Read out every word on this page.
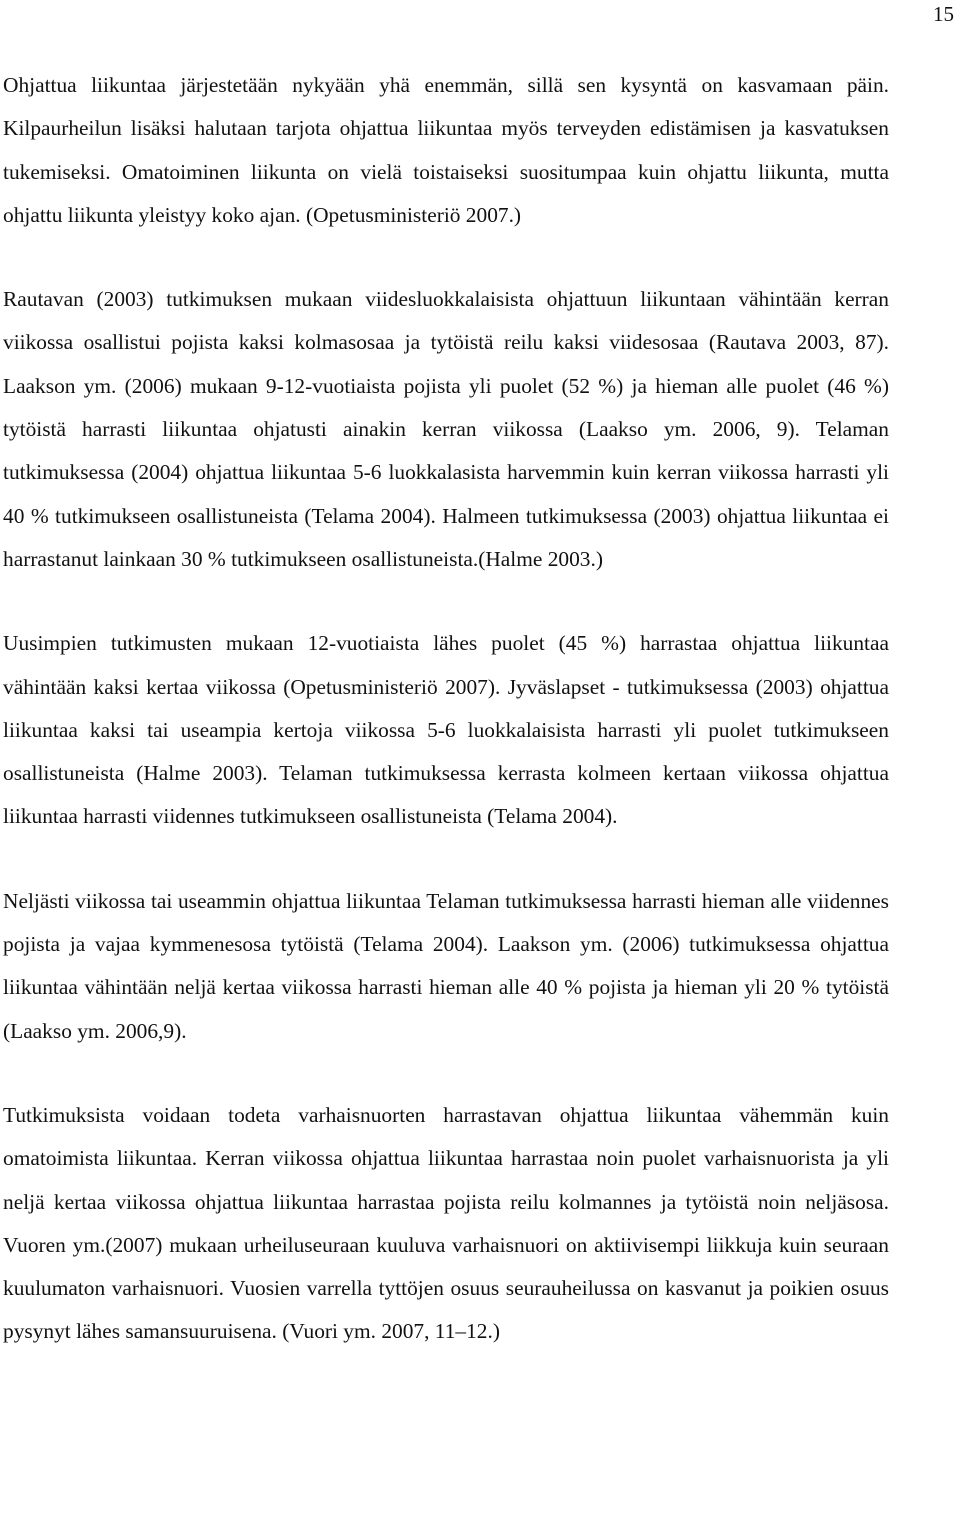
15

Ohjattua liikuntaa järjestetään nykyään yhä enemmän, sillä sen kysyntä on kasvamaan päin. Kilpaurheilun lisäksi halutaan tarjota ohjattua liikuntaa myös terveyden edistämisen ja kasvatuksen tukemiseksi. Omatoiminen liikunta on vielä toistaiseksi suositumpaa kuin ohjattu liikunta, mutta ohjattu liikunta yleistyy koko ajan. (Opetusministeriö 2007.)

Rautavan (2003) tutkimuksen mukaan viidesluokkalaisista ohjattuun liikuntaan vähintään kerran viikossa osallistui pojista kaksi kolmasosaa ja tytöistä reilu kaksi viidesosaa (Rautava 2003, 87). Laakson ym. (2006) mukaan 9-12-vuotiaista pojista yli puolet (52 %) ja hieman alle puolet (46 %) tytöistä harrasti liikuntaa ohjatusti ainakin kerran viikossa (Laakso ym. 2006, 9). Telaman tutkimuksessa (2004) ohjattua liikuntaa 5-6 luokkalasista harvemmin kuin kerran viikossa harrasti yli 40 % tutkimukseen osallistuneista (Telama 2004). Halmeen tutkimuksessa (2003) ohjattua liikuntaa ei harrastanut lainkaan 30 % tutkimukseen osallistuneista.(Halme 2003.)

Uusimpien tutkimusten mukaan 12-vuotiaista lähes puolet (45 %) harrastaa ohjattua liikuntaa vähintään kaksi kertaa viikossa (Opetusministeriö 2007). Jyväslapset - tutkimuksessa (2003) ohjattua liikuntaa kaksi tai useampia kertoja viikossa 5-6 luokkalaisista harrasti yli puolet tutkimukseen osallistuneista (Halme 2003). Telaman tutkimuksessa kerrasta kolmeen kertaan viikossa ohjattua liikuntaa harrasti viidennes tutkimukseen osallistuneista (Telama 2004).

Neljästi viikossa tai useammin ohjattua liikuntaa Telaman tutkimuksessa harrasti hieman alle viidennes pojista ja vajaa kymmenesosa tytöistä (Telama 2004). Laakson ym. (2006) tutkimuksessa ohjattua liikuntaa vähintään neljä kertaa viikossa harrasti hieman alle 40 % pojista ja hieman yli 20 % tytöistä (Laakso ym. 2006,9).

Tutkimuksista voidaan todeta varhaisnuorten harrastavan ohjattua liikuntaa vähemmän kuin omatoimista liikuntaa. Kerran viikossa ohjattua liikuntaa harrastaa noin puolet varhaisnuorista ja yli neljä kertaa viikossa ohjattua liikuntaa harrastaa pojista reilu kolmannes ja tytöistä noin neljäsosa. Vuoren ym.(2007) mukaan urheiluseuraan kuuluva varhaisnuori on aktiivisempi liikkuja kuin seuraan kuulumaton varhaisnuori. Vuosien varrella tyttöjen osuus seurauheilussa on kasvanut ja poikien osuus pysynyt lähes samansuuruisena. (Vuori ym. 2007, 11–12.)
